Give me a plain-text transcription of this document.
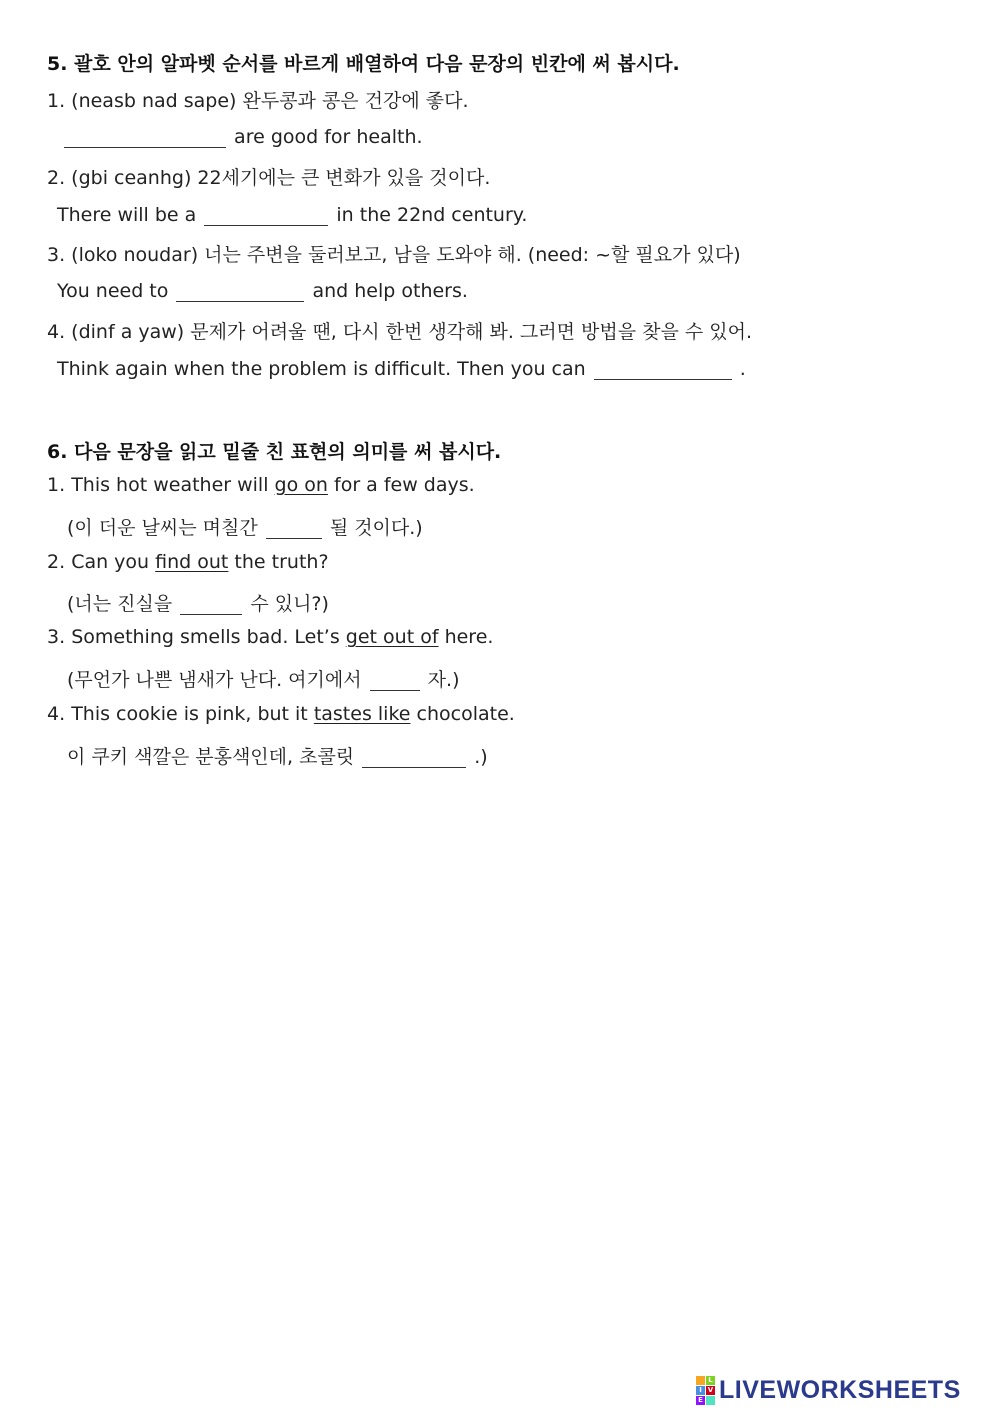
5. 괄호 안의 알파벳 순서를 바르게 배열하여 다음 문장의 빈칸에 써 봅시다.
1. (neasb nad sape) 완두콩과 콩은 건강에 좋다.
are good for health.
2. (gbi ceanhg) 22세기에는 큰 변화가 있을 것이다.
There will be a	in the 22nd century.
3. (loko noudar) 너는 주변을 둘러보고, 남을 도와야 해. (need: ~할 필요가 있다)
You need to	and help others.
4. (dinf a yaw) 문제가 어려울 땐, 다시 한번 생각해 봐. 그러면 방법을 찾을 수 있어.
Think again when the problem is difficult. Then you can	.
6. 다음 문장을 읽고 밑줄 친 표현의 의미를 써 봅시다.
1. This hot weather will go on for a few days.
(이 더운 날씨는 며칠간	될 것이다.)
2. Can you find out the truth?
(너는 진실을	수 있니?)
3. Something smells bad. Let’s get out of here.
(무언가 나쁜 냄새가 난다. 여기에서	자.)
4. This cookie is pink, but it tastes like chocolate.
이 쿠키 색깔은 분홍색인데, 초콜릿	.)
L
I V
E LIVEWORKSHEETS
